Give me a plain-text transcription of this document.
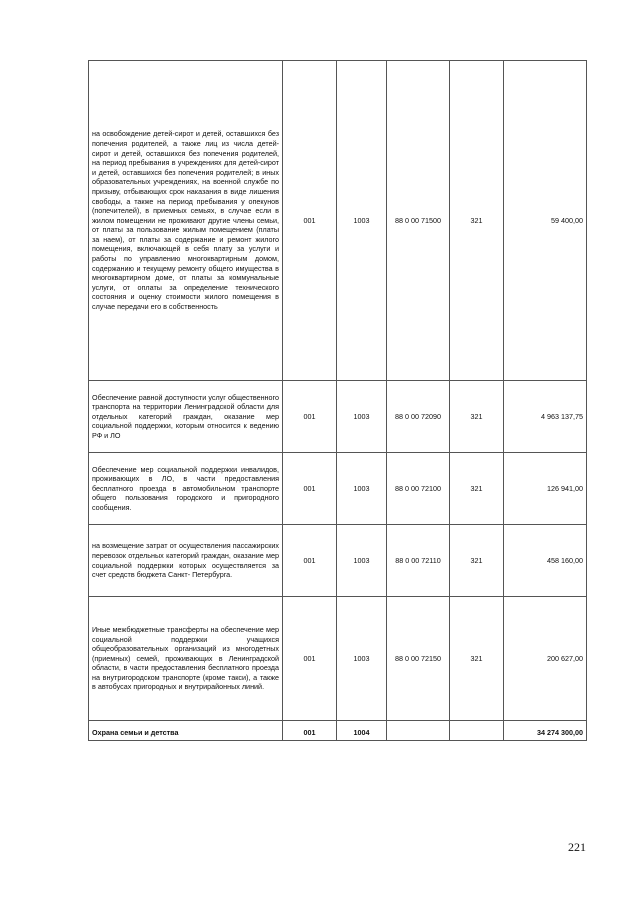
на освобождение детей-сирот и детей, оставшихся без попечения родителей, а также лиц из числа детей-сирот и детей, оставшихся без попечения родителей, на период пребывания в учреждениях для детей-сирот и детей, оставшихся без попечения родителей; в иных образовательных учреждениях, на военной службе по призыву, отбывающих срок наказания в виде лишения свободы, а также на период пребывания у опекунов (попечителей), в приемных семьях, в случае если в жилом помещении не проживают другие члены семьи, от платы за пользование жилым помещением (платы за наем), от платы за содержание и ремонт жилого помещения, включающей в себя плату за услуги и работы по управлению многоквартирным домом, содержанию и текущему ремонту общего имущества в многоквартирном доме, от платы за коммунальные услуги, от оплаты за определение технического состояния и оценку стоимости жилого помещения в случае передачи его в собственность	001	1003	88 0 00 71500	321	59 400,00
Обеспечение равной доступности услуг общественного транспорта на территории Ленинградской области для отдельных категорий граждан, оказание мер социальной поддержки, которым относится к ведению РФ и ЛО	001	1003	88 0 00 72090	321	4 963 137,75
Обеспечение мер социальной поддержки инвалидов, проживающих в ЛО, в части предоставления бесплатного проезда в автомобильном транспорте общего пользования городского и пригородного сообщения.	001	1003	88 0 00 72100	321	126 941,00
на возмещение затрат от осуществления пассажирских перевозок отдельных категорий граждан, оказание мер социальной поддержки которых осуществляется за счет средств бюджета Санкт- Петербурга.	001	1003	88 0 00 72110	321	458 160,00
Иные межбюджетные трансферты на обеспечение мер социальной поддержки учащихся общеобразовательных организаций из многодетных (приемных) семей, проживающих в Ленинградской области, в части предоставления бесплатного проезда на внутригородском транспорте (кроме такси), а также в автобусах пригородных и внутрирайонных линий.	001	1003	88 0 00 72150	321	200 627,00
Охрана семьи и детства	001	1004			34 274 300,00
221
